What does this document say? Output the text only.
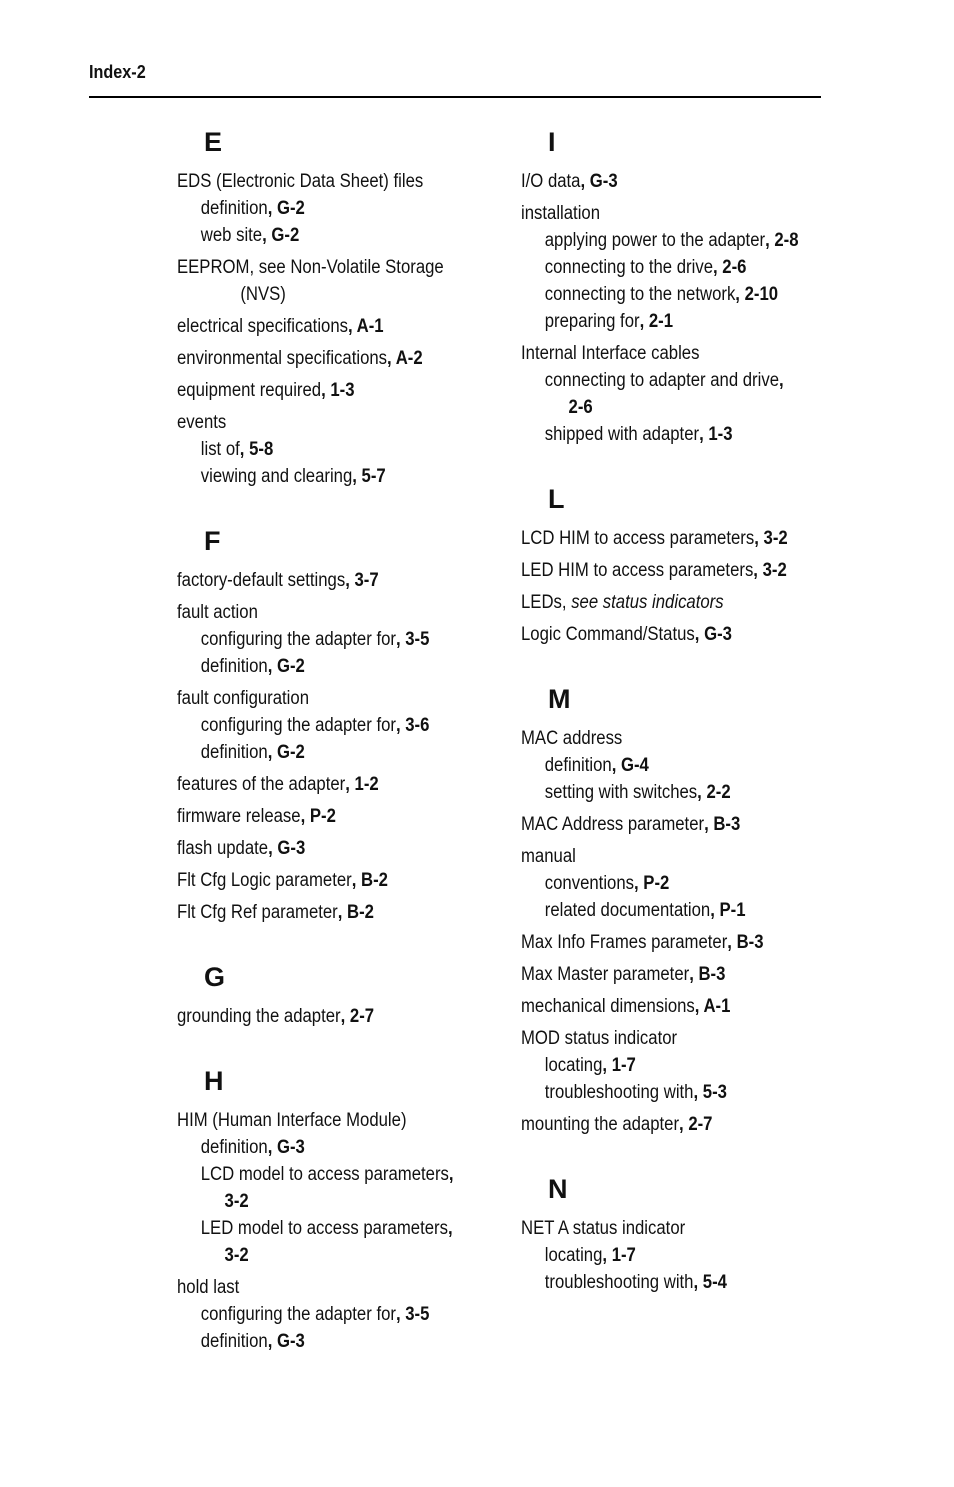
Index-2
E
EDS (Electronic Data Sheet) files
definition, G-2
web site, G-2
EEPROM, see Non-Volatile Storage
(NVS)
electrical specifications, A-1
environmental specifications, A-2
equipment required, 1-3
events
list of, 5-8
viewing and clearing, 5-7
F
factory-default settings, 3-7
fault action
configuring the adapter for, 3-5
definition, G-2
fault configuration
configuring the adapter for, 3-6
definition, G-2
features of the adapter, 1-2
firmware release, P-2
flash update, G-3
Flt Cfg Logic parameter, B-2
Flt Cfg Ref parameter, B-2
G
grounding the adapter, 2-7
H
HIM (Human Interface Module)
definition, G-3
LCD model to access parameters,
3-2
LED model to access parameters,
3-2
hold last
configuring the adapter for, 3-5
definition, G-3
I
I/O data, G-3
installation
applying power to the adapter, 2-8
connecting to the drive, 2-6
connecting to the network, 2-10
preparing for, 2-1
Internal Interface cables
connecting to adapter and drive,
2-6
shipped with adapter, 1-3
L
LCD HIM to access parameters, 3-2
LED HIM to access parameters, 3-2
LEDs, see status indicators
Logic Command/Status, G-3
M
MAC address
definition, G-4
setting with switches, 2-2
MAC Address parameter, B-3
manual
conventions, P-2
related documentation, P-1
Max Info Frames parameter, B-3
Max Master parameter, B-3
mechanical dimensions, A-1
MOD status indicator
locating, 1-7
troubleshooting with, 5-3
mounting the adapter, 2-7
N
NET A status indicator
locating, 1-7
troubleshooting with, 5-4
